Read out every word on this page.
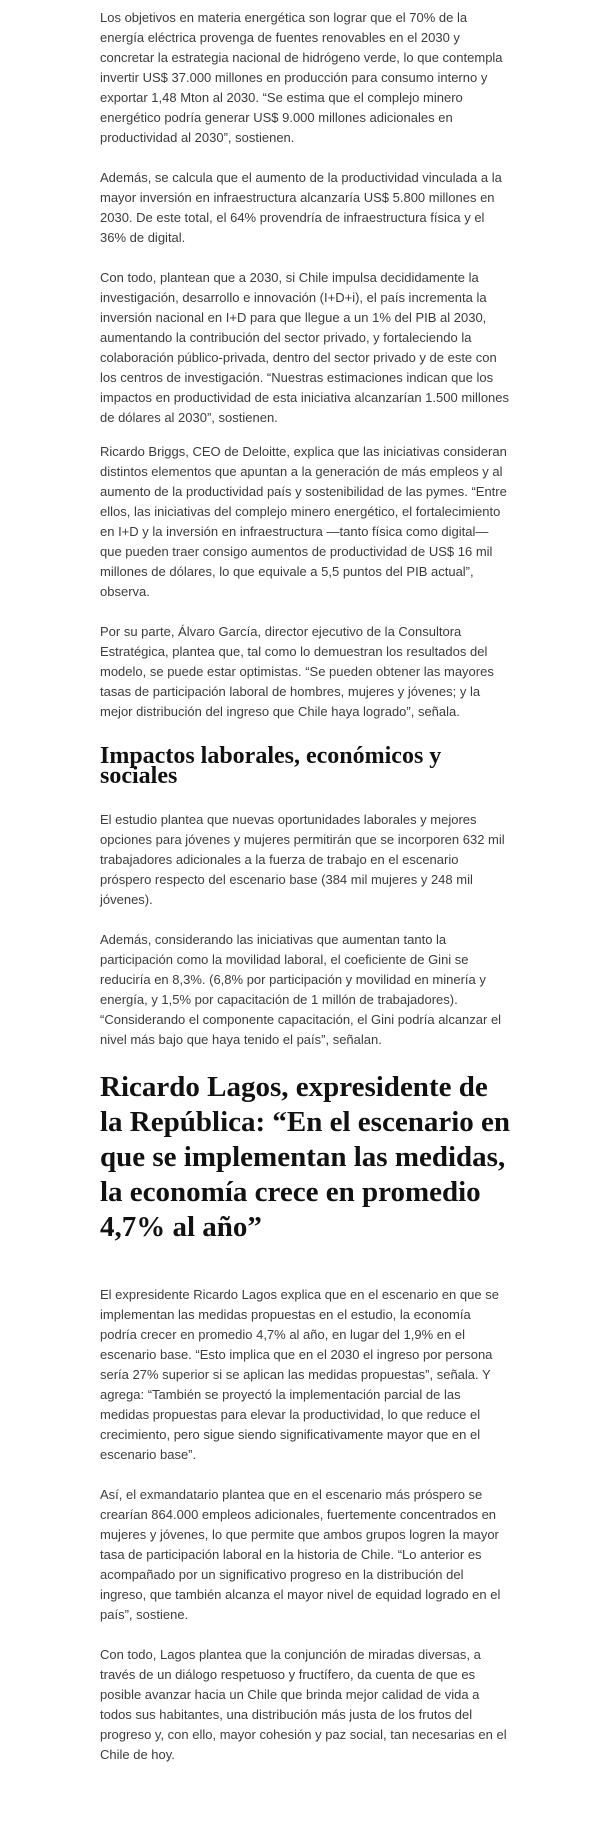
Los objetivos en materia energética son lograr que el 70% de la energía eléctrica provenga de fuentes renovables en el 2030 y concretar la estrategia nacional de hidrógeno verde, lo que contempla invertir US$ 37.000 millones en producción para consumo interno y exportar 1,48 Mton al 2030. “Se estima que el complejo minero energético podría generar US$ 9.000 millones adicionales en productividad al 2030”, sostienen.

Además, se calcula que el aumento de la productividad vinculada a la mayor inversión en infraestructura alcanzaría US$ 5.800 millones en 2030. De este total, el 64% provendría de infraestructura física y el 36% de digital.

Con todo, plantean que a 2030, si Chile impulsa decididamente la investigación, desarrollo e innovación (I+D+i), el país incrementa la inversión nacional en I+D para que llegue a un 1% del PIB al 2030, aumentando la contribución del sector privado, y fortaleciendo la colaboración público-privada, dentro del sector privado y de este con los centros de investigación. “Nuestras estimaciones indican que los impactos en productividad de esta iniciativa alcanzarían 1.500 millones de dólares al 2030”, sostienen.

Ricardo Briggs, CEO de Deloitte, explica que las iniciativas consideran distintos elementos que apuntan a la generación de más empleos y al aumento de la productividad país y sostenibilidad de las pymes. “Entre ellos, las iniciativas del complejo minero energético, el fortalecimiento en I+D y la inversión en infraestructura —tanto física como digital— que pueden traer consigo aumentos de productividad de US$ 16 mil millones de dólares, lo que equivale a 5,5 puntos del PIB actual”, observa.

Por su parte, Álvaro García, director ejecutivo de la Consultora Estratégica, plantea que, tal como lo demuestran los resultados del modelo, se puede estar optimistas. “Se pueden obtener las mayores tasas de participación laboral de hombres, mujeres y jóvenes; y la mejor distribución del ingreso que Chile haya logrado”, señala.

Impactos laborales, económicos y sociales

El estudio plantea que nuevas oportunidades laborales y mejores opciones para jóvenes y mujeres permitirán que se incorporen 632 mil trabajadores adicionales a la fuerza de trabajo en el escenario próspero respecto del escenario base (384 mil mujeres y 248 mil jóvenes).

Además, considerando las iniciativas que aumentan tanto la participación como la movilidad laboral, el coeficiente de Gini se reduciría en 8,3%. (6,8% por participación y movilidad en minería y energía, y 1,5% por capacitación de 1 millón de trabajadores). “Considerando el componente capacitación, el Gini podría alcanzar el nivel más bajo que haya tenido el país”, señalan.

Ricardo Lagos, expresidente de la República: “En el escenario en que se implementan las medidas, la economía crece en promedio 4,7% al año”

El expresidente Ricardo Lagos explica que en el escenario en que se implementan las medidas propuestas en el estudio, la economía podría crecer en promedio 4,7% al año, en lugar del 1,9% en el escenario base. “Esto implica que en el 2030 el ingreso por persona sería 27% superior si se aplican las medidas propuestas”, señala. Y agrega: “También se proyectó la implementación parcial de las medidas propuestas para elevar la productividad, lo que reduce el crecimiento, pero sigue siendo significativamente mayor que en el escenario base”.

Así, el exmandatario plantea que en el escenario más próspero se crearían 864.000 empleos adicionales, fuertemente concentrados en mujeres y jóvenes, lo que permite que ambos grupos logren la mayor tasa de participación laboral en la historia de Chile. “Lo anterior es acompañado por un significativo progreso en la distribución del ingreso, que también alcanza el mayor nivel de equidad logrado en el país”, sostiene.

Con todo, Lagos plantea que la conjunción de miradas diversas, a través de un diálogo respetuoso y fructífero, da cuenta de que es posible avanzar hacia un Chile que brinda mejor calidad de vida a todos sus habitantes, una distribución más justa de los frutos del progreso y, con ello, mayor cohesión y paz social, tan necesarias en el Chile de hoy.
